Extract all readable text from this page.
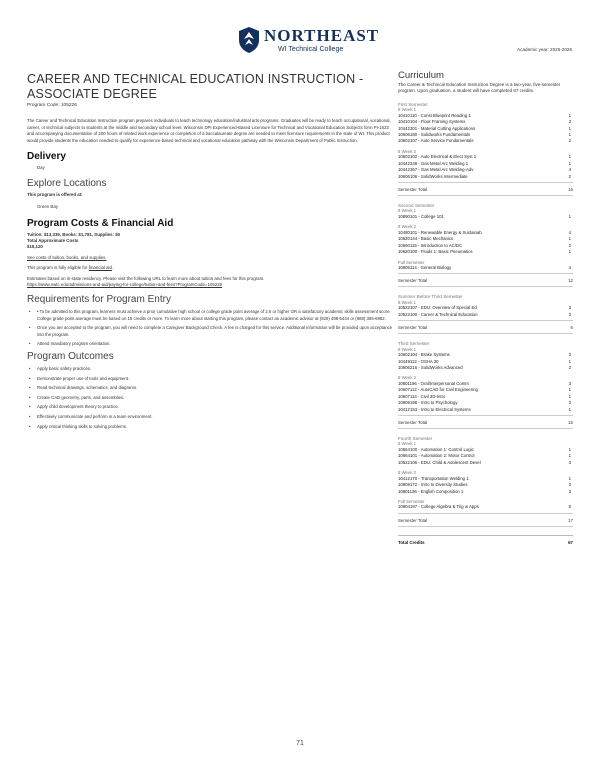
NORTHEAST
WI Technical College	Academic year: 2025-2026
CAREER AND TECHNICAL EDUCATION INSTRUCTION - ASSOCIATE DEGREE
Program Code: 105226
The Career and Technical Education Instruction program prepares individuals to teach technology education/industrial arts programs. Graduates will be ready to teach occupational, vocational, career, or technical subjects to students at the middle and secondary school level. Wisconsin DPI Experienced-Based Licensure for Technical and Vocational Education Subjects form PI-1623 and accompanying documentation of 200 hours of related work experience or completion of a baccalaureate degree are needed to meet licensure requirements in the state of WI. This product would provide students the education needed to qualify for experience-based technical and vocational education pathway with the Wisconsin Department of Public Instruction.
Delivery
Day
Explore Locations
This program is offered at:
Green Bay
Program Costs & Financial Aid
Tuition: $13,339, Books: $1,781, Supplies: $0
Total Approximate Costs
$15,120
See costs of tuition, books, and supplies.
This program is fully eligible for financial aid.
Estimates based on in-state residency. Please visit the following URL to learn more about tuition and fees for this program.
https://www.nwtc.edu/admissions-and-aid/paying-for-college/tuition-and-fees?ProgramCode=105226
Requirements for Program Entry
• • To be admitted to this program, learners must achieve a prior cumulative high school or college grade point average of 2.6 or higher OR a satisfactory academic skills assessment score. College grade point average must be based on 15 credits or more. To learn more about starting this program, please contact an academic advisor at (920) 498-5444 or (888) 385-6982.
• Once you are accepted to the program, you will need to complete a Caregiver Background Check. A fee is charged for this service. Additional information will be provided upon acceptance into the program.
• Attend mandatory program orientation.
Program Outcomes
• Apply basic safety practices.
• Demonstrate proper use of tools and equipment.
• Read technical drawings, schematics, and diagrams.
• Create CAD geometry, parts, and assemblies.
• Apply child development theory to practice.
• Effectively communicate and perform in a team environment.
• Apply critical thinking skills to solving problems.
Curriculum
The Career & Technical Education Instruction Degree is a two-year, five-semester program. Upon graduation, a student will have completed 67 credits.
First Semester
8 Week 1
10410110 - Const Blueprint Reading 1	1
10410104 - Floor Framing Systems	3
10442301 - Material Cutting Applications	1
10606180 - Solidworks Fundamentals	1
10602107 - Auto Service Fundamentals	2
8 Week 2
10602102 - Auto Electrical & Elect Syst 1	1
10442348 - Gas Metal Arc Welding 1	1
10442367 - Gas Metal Arc Welding-Adv	4
10606106 - SolidWorks Intermediate	2
Semester Total	16
Second Semester
8 Week 1
10890101 - College 101	1
8 Week 2
10480101 - Renewable Energy & Sustainab	4
10620144 - Basic Mechanics	1
10660115 - Introduction to AC/DC	2
10620100 - Fluids 1: Basic Pneumatics	1
Full Semester
10806114 - General Biology	4
Semester Total	12
Summer Before Third Semester
8 Week 1
10522107 - EDU: Overview of Special Ed	3
10522100 - Career & Technical Education	3
Semester Total	6
Third Semester
8 Week 1
10602104 - Brake Systems	3
10449112 - OSHA 30	1
10606216 - SolidWorks Advanced	2
8 Week 2
10801196 - Oral/Interpersonal Comm	3
10607112 - AutoCAD for Civil Engineering	1
10607114 - Civil 3D-Intro	1
10809198 - Intro to Psychology	3
10412153 - Intro to Electrical Systems	1
Semester Total	15
Fourth Semester
8 Week 1
10664100 - Automation 1: Control Logic	1
10664101 - Automation 2: Motor Control	1
10522106 - EDU: Child & Adolescent Devel	3
8 Week 2
10412170 - Transportation Welding 1	1
10809172 - Intro to Diversity Studies	3
10801136 - English Composition 1	3
Full Semester
10804197 - College Algebra & Trig w Apps	5
Semester Total	17
Total Credits	67
71
